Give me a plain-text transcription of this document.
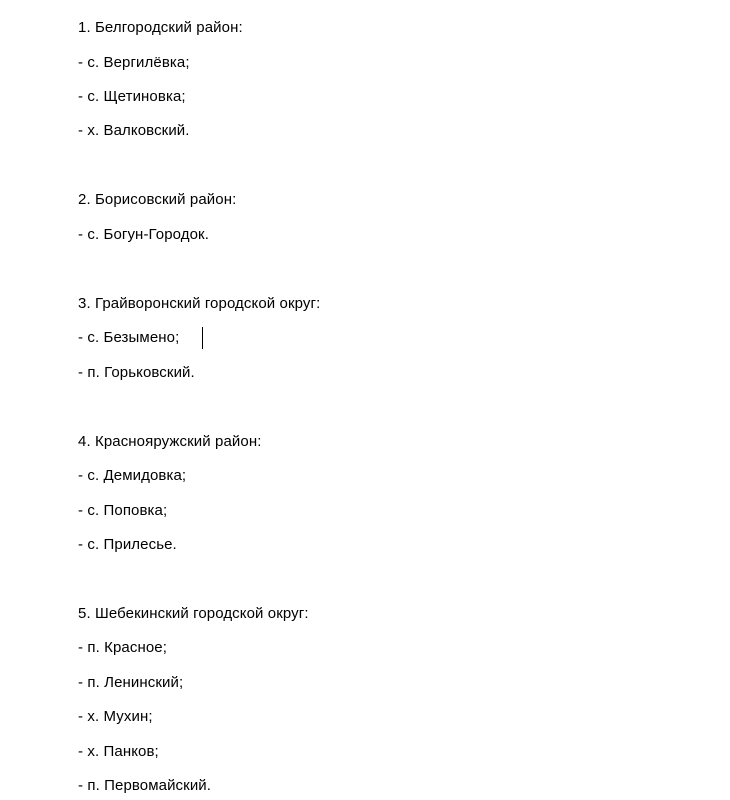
1. Белгородский район:
- с. Вергилёвка;
- с. Щетиновка;
- х. Валковский.
2. Борисовский район:
- с. Богун-Городок.
3. Грайворонский городской округ:
- с. Безымено;
- п. Горьковский.
4. Краснояружский район:
- с. Демидовка;
- с. Поповка;
- с. Прилесье.
5. Шебекинский городской округ:
- п. Красное;
- п. Ленинский;
- х. Мухин;
- х. Панков;
- п. Первомайский.
